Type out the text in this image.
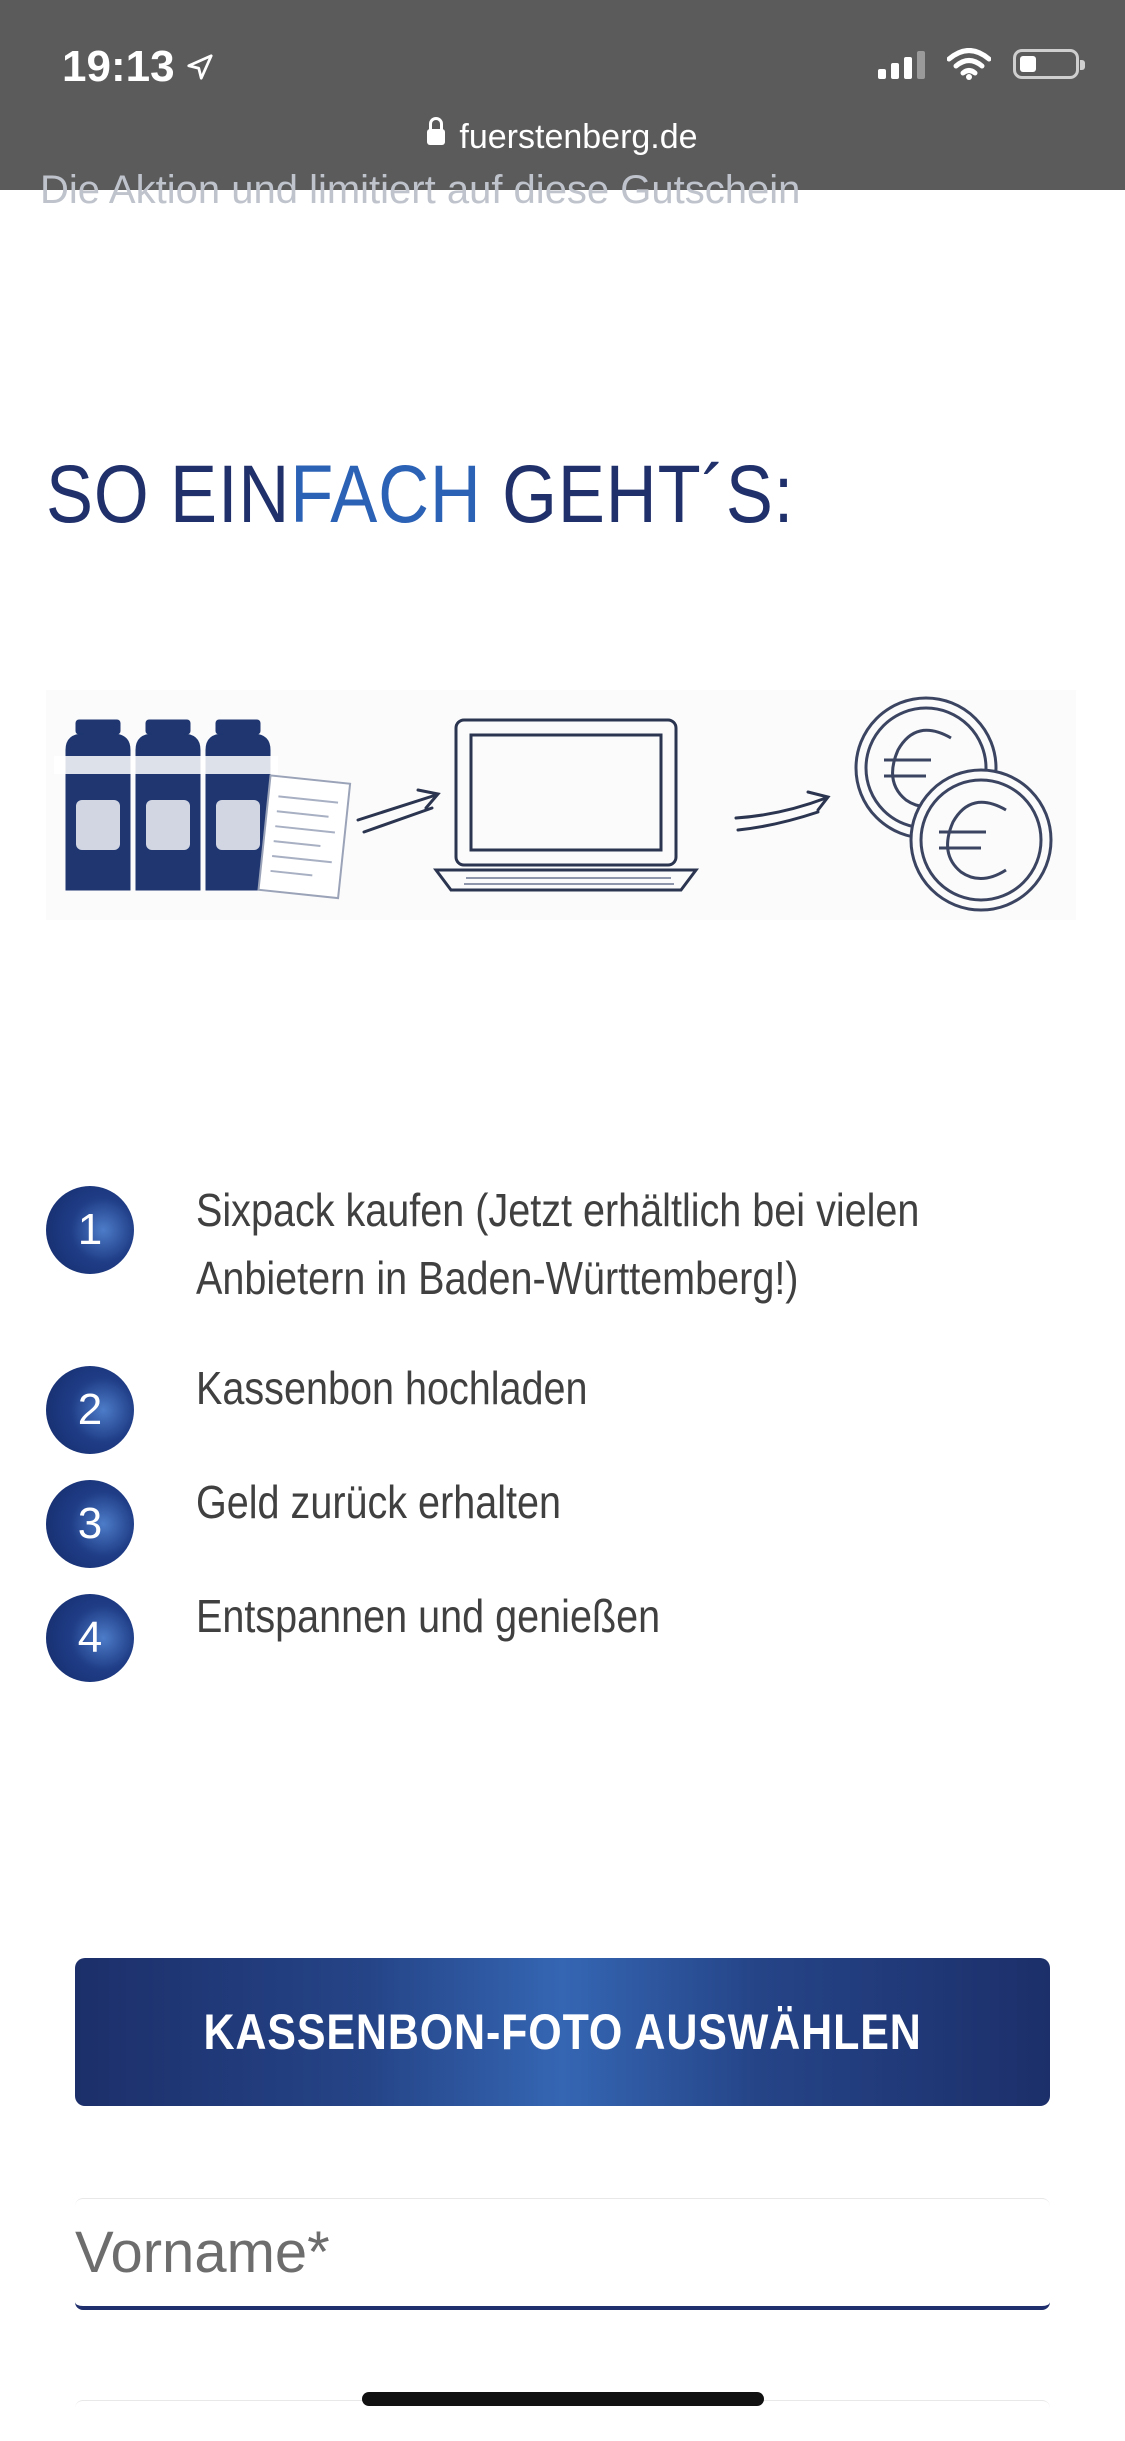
19:13
fuerstenberg.de
Die Aktion und limitiert auf diese Gutschein
SO EINFACH GEHT´S:
1	Sixpack kaufen (Jetzt erhältlich bei vielen
Anbietern in Baden-Württemberg!)
2	Kassenbon hochladen
3	Geld zurück erhalten
4	Entspannen und genießen
KASSENBON-FOTO AUSWÄHLEN
Vorname*
